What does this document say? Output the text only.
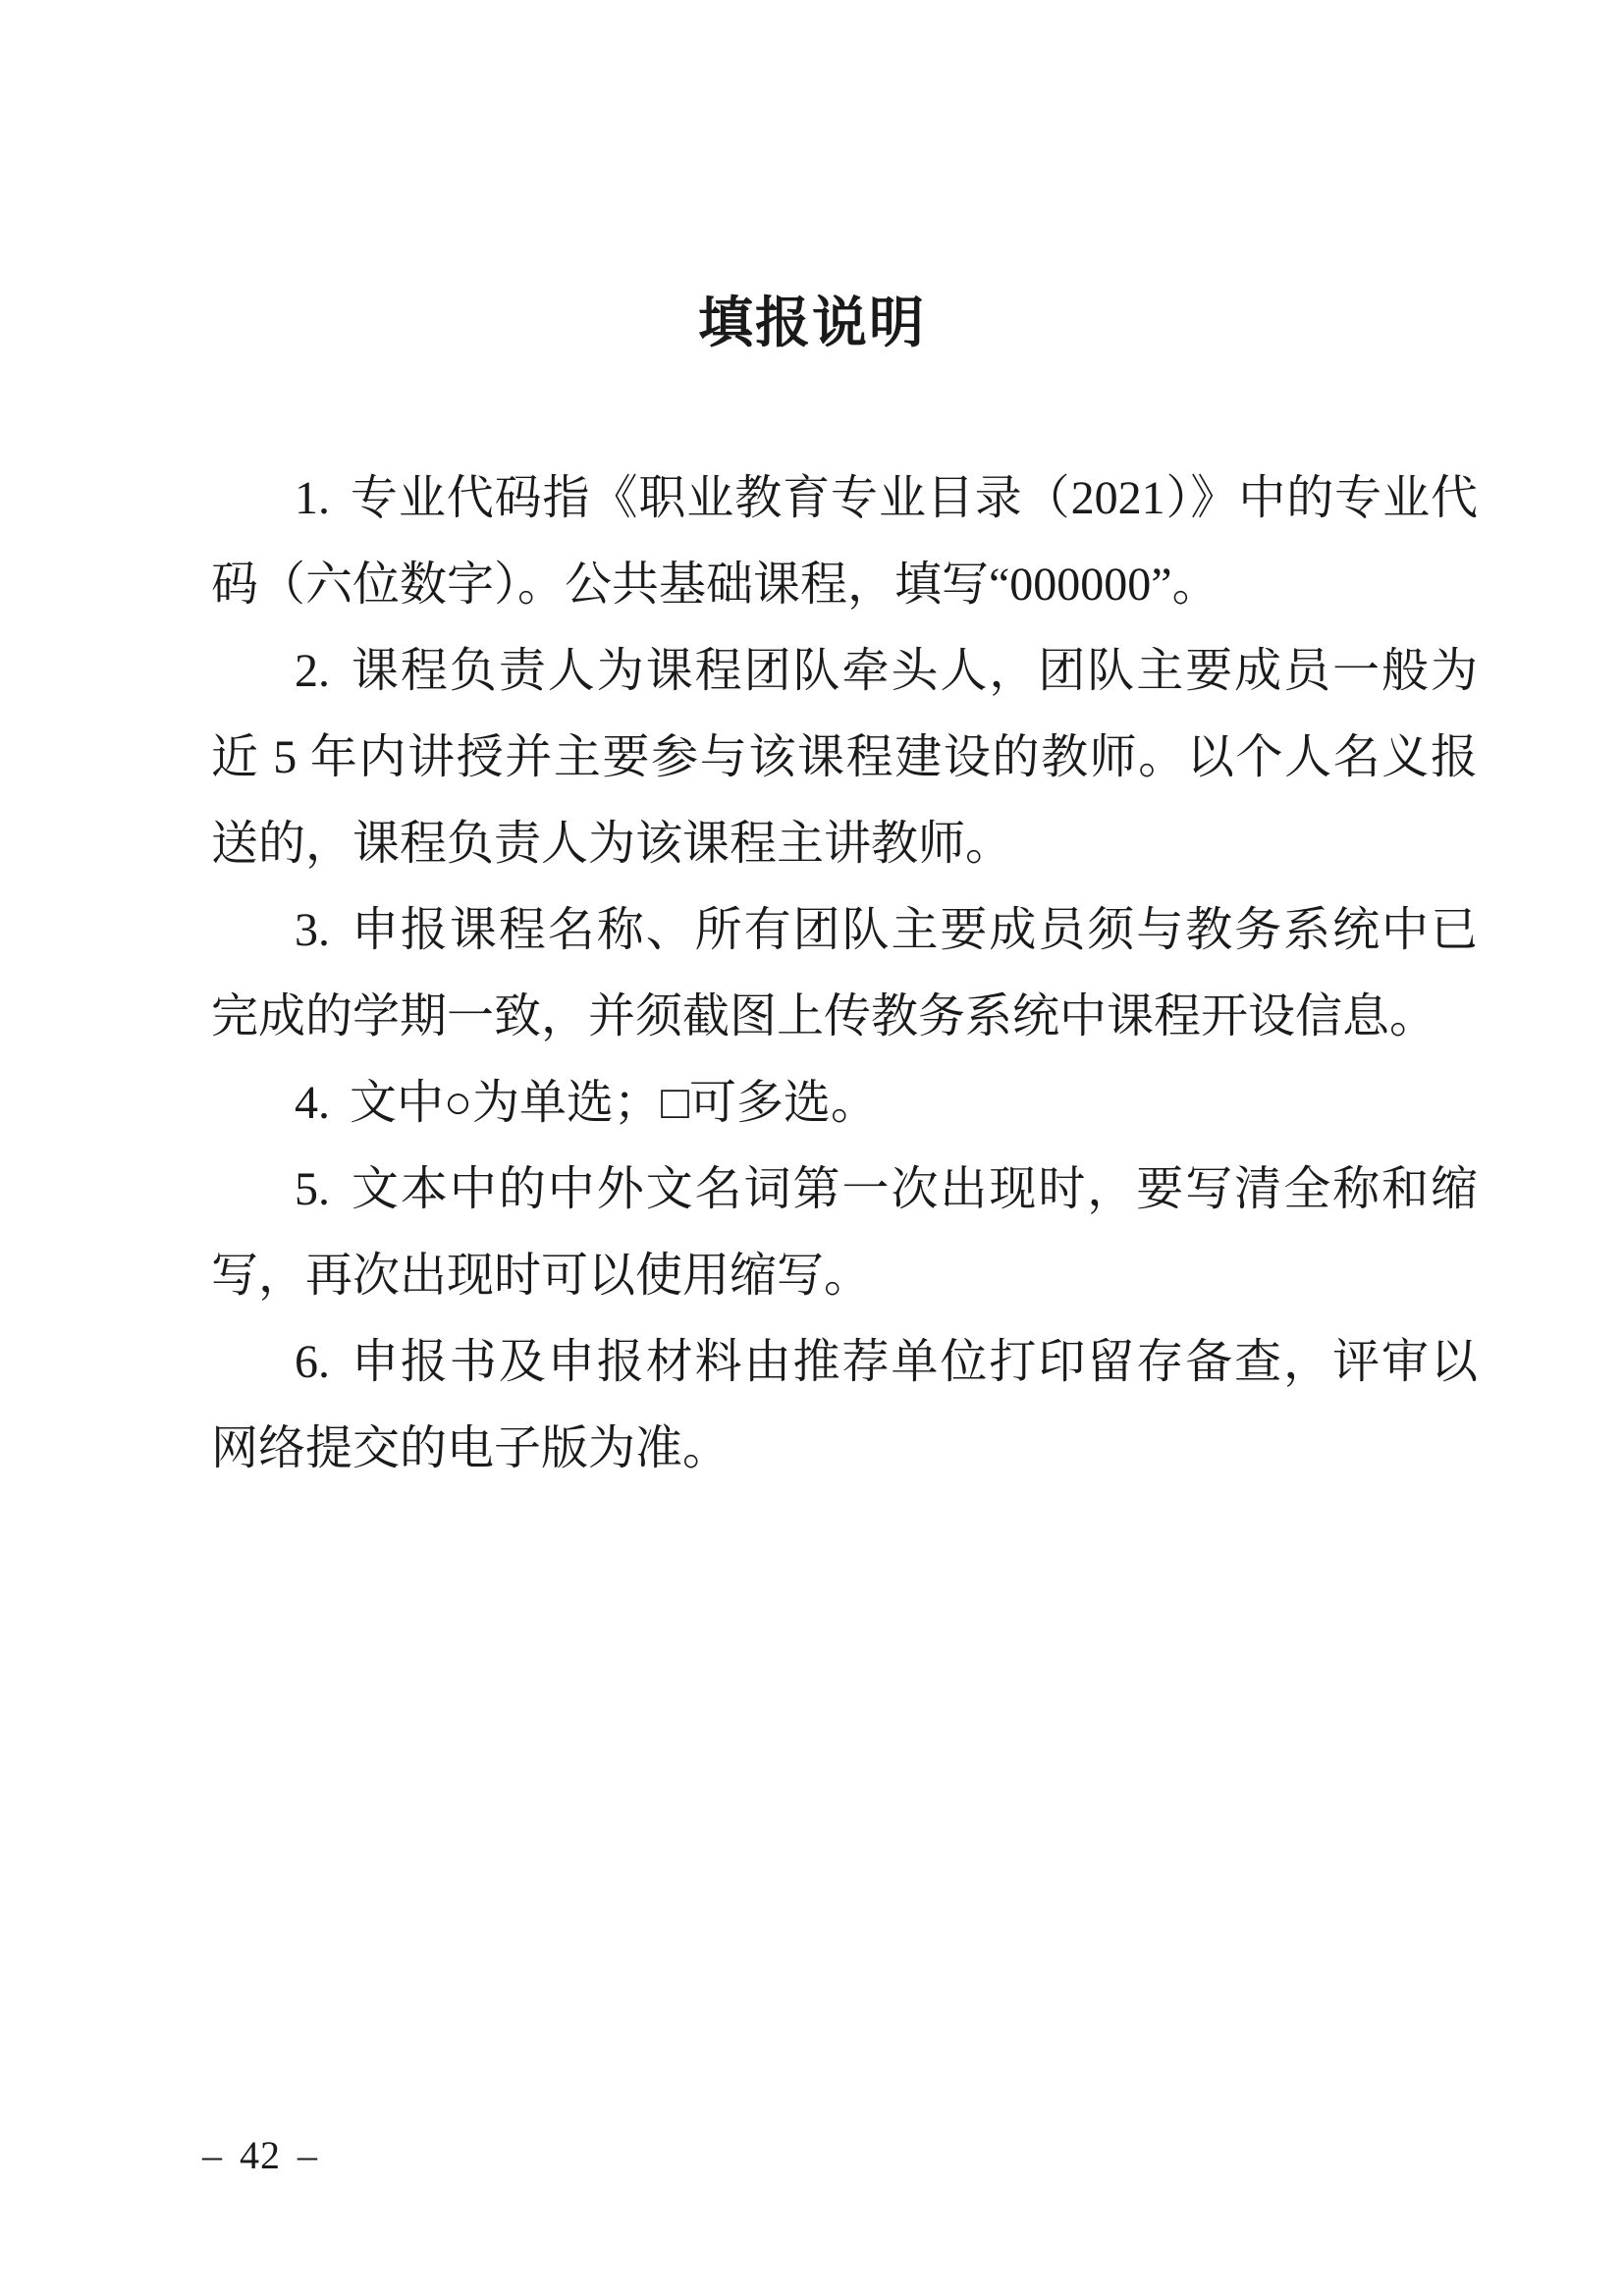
填报说明

1. 专业代码指《职业教育专业目录（2021）》中的专业代码（六位数字）。公共基础课程，填写“000000”。

2. 课程负责人为课程团队牵头人，团队主要成员一般为近 5 年内讲授并主要参与该课程建设的教师。以个人名义报送的，课程负责人为该课程主讲教师。

3. 申报课程名称、所有团队主要成员须与教务系统中已完成的学期一致，并须截图上传教务系统中课程开设信息。

4. 文中○为单选；□可多选。

5. 文本中的中外文名词第一次出现时，要写清全称和缩写，再次出现时可以使用缩写。

6. 申报书及申报材料由推荐单位打印留存备查，评审以网络提交的电子版为准。

– 42 –
